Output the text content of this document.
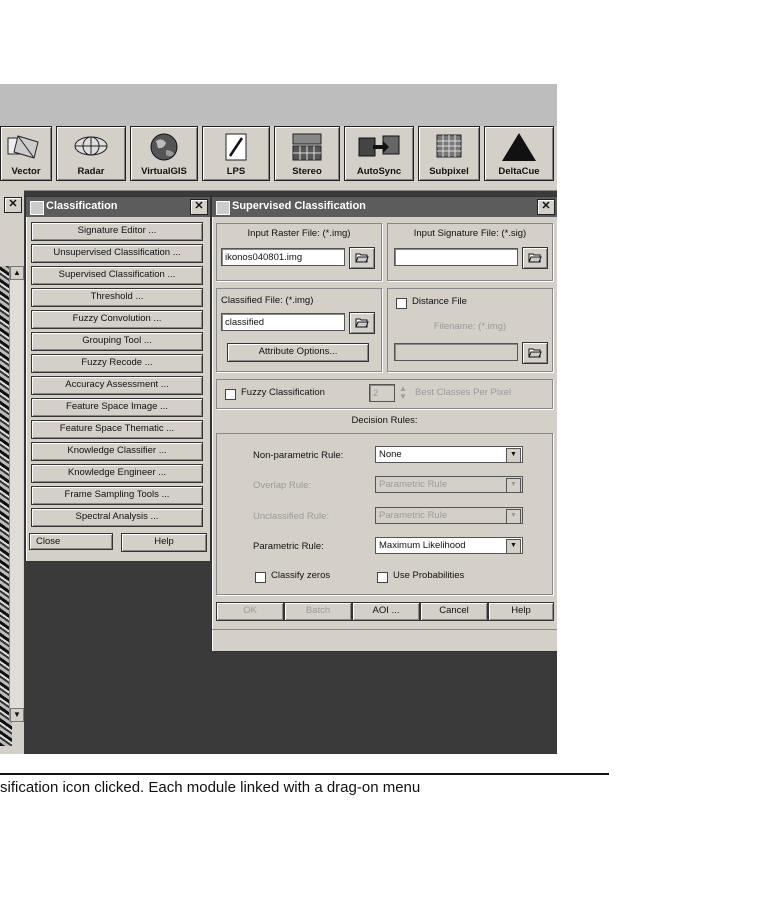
Vector	Radar	VirtualGIS	LPS	Stereo	AutoSync	Subpixel	DeltaCue
✕
▲
▼
Classification	✕
Signature Editor ...
Unsupervised Classification ...
Supervised Classification ...
Threshold ...
Fuzzy Convolution ...
Grouping Tool ...
Fuzzy Recode ...
Accuracy Assessment ...
Feature Space Image ...
Feature Space Thematic ...
Knowledge Classifier ...
Knowledge Engineer ...
Frame Sampling Tools ...
Spectral Analysis ...
Close	Help
Supervised Classification	✕
Input Raster File: (*.img)
ikonos040801.img
Input Signature File: (*.sig)
Classified File: (*.img)
classified
Attribute Options...
Distance File
Filename: (*.img)
Fuzzy Classification	2	▲
▼ Best Classes Per Pixel
Decision Rules:
Non-parametric Rule:	None	▼
Overlap Rule:	Parametric Rule	▼
Unclassified Rule:	Parametric Rule	▼
Parametric Rule:	Maximum Likelihood	▼
Classify zeros	Use Probabilities
OK	Batch	AOI ...	Cancel	Help
sification icon clicked. Each module linked with a drag-on menu
